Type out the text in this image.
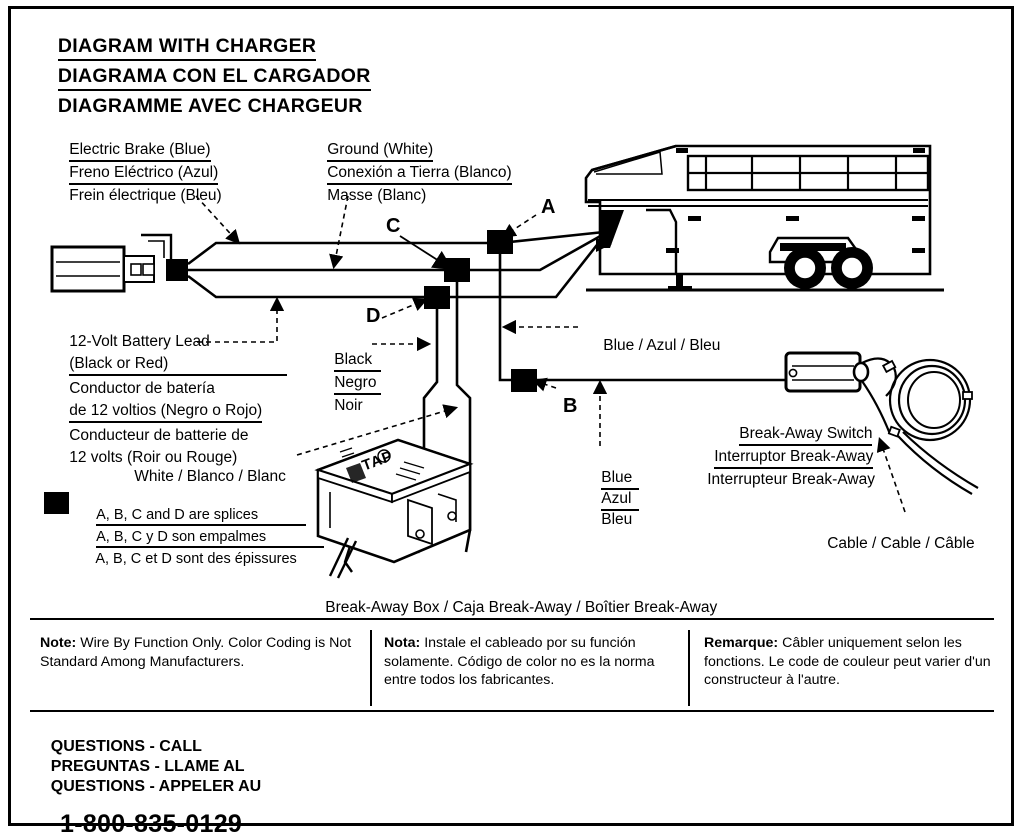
DIAGRAM WITH CHARGER

DIAGRAMA CON EL CARGADOR

DIAGRAMME AVEC CHARGEUR

Electric Brake (Blue)

Freno Eléctrico (Azul)

Frein électrique (Bleu)

Ground (White)

Conexión a Tierra (Blanco)

Masse (Blanc)

12-Volt Battery Lead

(Black or Red)

Conductor de batería

de 12 voltios (Negro o Rojo)

Conducteur de batterie de

12 volts (Roir ou Rouge)

Black

Negro

Noir

White / Blanco / Blanc

Blue / Azul / Bleu

Blue

Azul

Bleu

Break-Away Switch

Interruptor Break-Away

Interrupteur Break-Away

Cable / Cable / Câble

Break-Away Box / Caja Break-Away / Boîtier Break-Away

A, B, C and D are splices

A, B, C y D son empalmes

A, B, C et D sont des épissures

TAP

A
B
C
D
Note: Wire By Function Only. Color Coding is Not Standard Among Manufacturers.
Nota: Instale el cableado por su función solamente. Código de color no es la norma entre todos los fabricantes.
Remarque: Câbler uniquement selon les fonctions. Le code de couleur peut varier d'un constructeur à l'autre.

QUESTIONS - CALL

PREGUNTAS - LLAME AL

QUESTIONS - APPELER AU

1-800-835-0129
